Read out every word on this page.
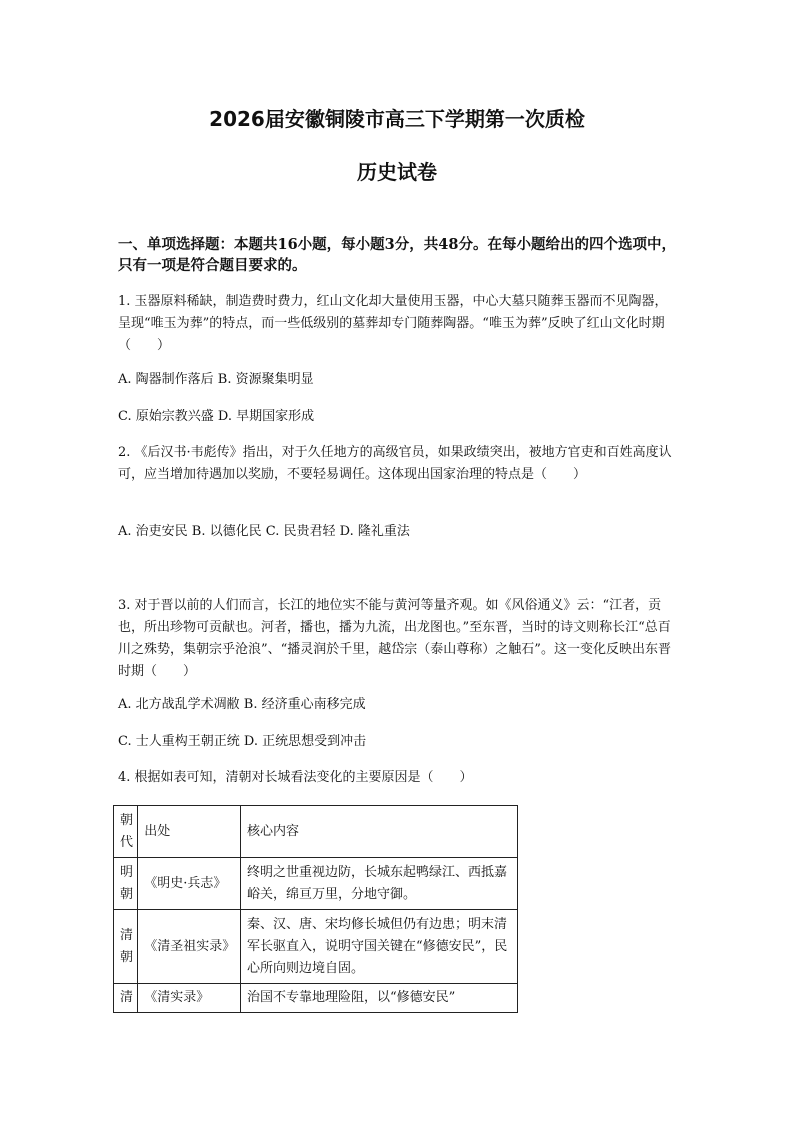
2026届安徽铜陵市高三下学期第一次质检
历史试卷
一、单项选择题：本题共16小题，每小题3分，共48分。在每小题给出的四个选项中，只有一项是符合题目要求的。
1. 玉器原料稀缺，制造费时费力，红山文化却大量使用玉器，中心大墓只随葬玉器而不见陶器，呈现“唯玉为葬”的特点，而一些低级别的墓葬却专门随葬陶器。“唯玉为葬”反映了红山文化时期（　　）
A. 陶器制作落后 B. 资源聚集明显
C. 原始宗教兴盛 D. 早期国家形成
2. 《后汉书·韦彪传》指出，对于久任地方的高级官员，如果政绩突出，被地方官吏和百姓高度认可，应当增加待遇加以奖励，不要轻易调任。这体现出国家治理的特点是（　　）
A. 治吏安民 B. 以德化民 C. 民贵君轻 D. 隆礼重法
3. 对于晋以前的人们而言，长江的地位实不能与黄河等量齐观。如《风俗通义》云：“江者，贡也，所出珍物可贡献也。河者，播也，播为九流，出龙图也。”至东晋，当时的诗文则称长江“总百川之殊势，集朝宗乎沧浪”、“播灵润於千里，越岱宗（泰山尊称）之触石”。这一变化反映出东晋时期（　　）
A. 北方战乱学术凋敝 B. 经济重心南移完成
C. 士人重构王朝正统 D. 正统思想受到冲击
4. 根据如表可知，清朝对长城看法变化的主要原因是（　　）
朝代	出处	核心内容
明朝	《明史·兵志》	终明之世重视边防，长城东起鸭绿江、西抵嘉峪关，绵亘万里，分地守御。
清朝	《清圣祖实录》	秦、汉、唐、宋均修长城但仍有边患；明末清军长驱直入，说明守国关键在“修德安民”，民心所向则边境自固。
清	《清实录》	治国不专靠地理险阻，以“修德安民”
